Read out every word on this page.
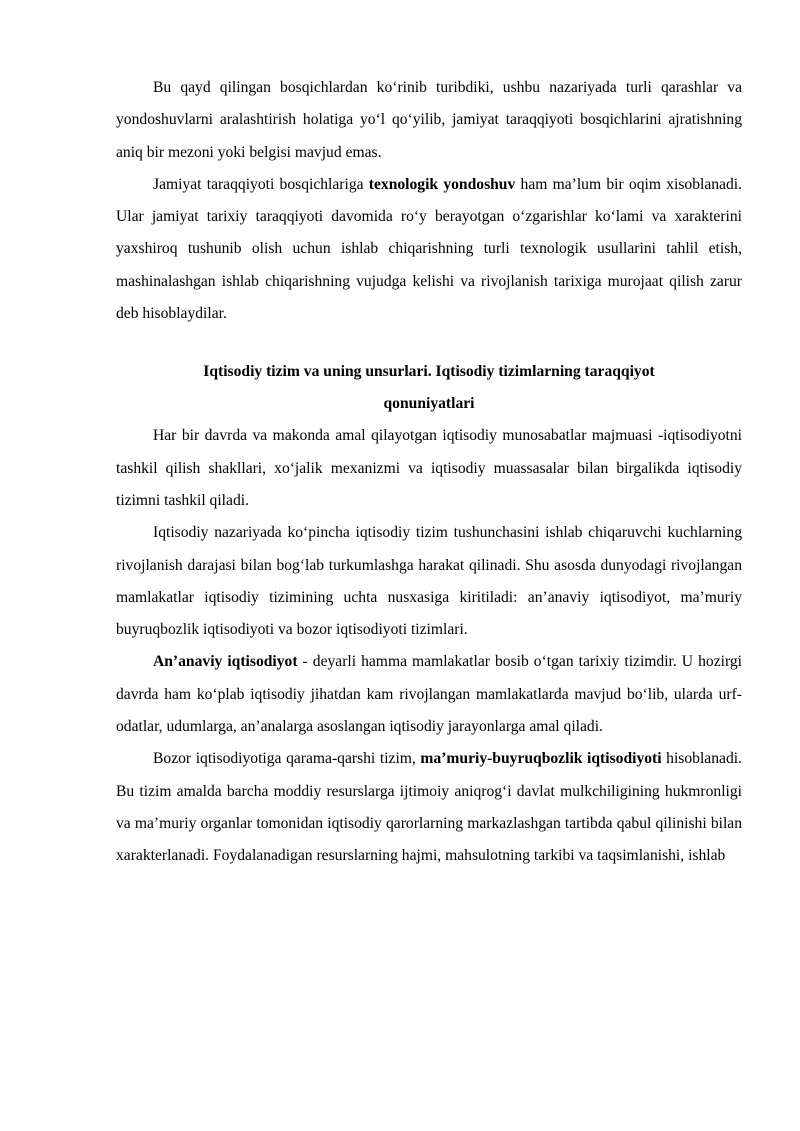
Bu qayd qilingan bosqichlardan ko‘rinib turibdiki, ushbu nazariyada turli qarashlar va yondoshuvlarni aralashtirish holatiga yo‘l qo‘yilib, jamiyat taraqqiyoti bosqichlarini ajratishning aniq bir mezoni yoki belgisi mavjud emas.

Jamiyat taraqqiyoti bosqichlariga texnologik yondoshuv ham ma’lum bir oqim xisoblanadi. Ular jamiyat tarixiy taraqqiyoti davomida ro‘y berayotgan o‘zgarishlar ko‘lami va xarakterini yaxshiroq tushunib olish uchun ishlab chiqarishning turli texnologik usullarini tahlil etish, mashinalashgan ishlab chiqarishning vujudga kelishi va rivojlanish tarixiga murojaat qilish zarur deb hisoblaydilar.

Iqtisodiy tizim va uning unsurlari. Iqtisodiy tizimlarning taraqqiyot
qonuniyatlari

Har bir davrda va makonda amal qilayotgan iqtisodiy munosabatlar majmuasi -iqtisodiyotni tashkil qilish shakllari, xo‘jalik mexanizmi va iqtisodiy muassasalar bilan birgalikda iqtisodiy tizimni tashkil qiladi.

Iqtisodiy nazariyada ko‘pincha iqtisodiy tizim tushunchasini ishlab chiqaruvchi kuchlarning rivojlanish darajasi bilan bog‘lab turkumlashga harakat qilinadi. Shu asosda dunyodagi rivojlangan mamlakatlar iqtisodiy tizimining uchta nusxasiga kiritiladi: an’anaviy iqtisodiyot, ma’muriy buyruqbozlik iqtisodiyoti va bozor iqtisodiyoti tizimlari.

An’anaviy iqtisodiyot - deyarli hamma mamlakatlar bosib o‘tgan tarixiy tizimdir. U hozirgi davrda ham ko‘plab iqtisodiy jihatdan kam rivojlangan mamlakatlarda mavjud bo‘lib, ularda urf-odatlar, udumlarga, an’analarga asoslangan iqtisodiy jarayonlarga amal qiladi.

Bozor iqtisodiyotiga qarama-qarshi tizim, ma’muriy-buyruqbozlik iqtisodiyoti hisoblanadi. Bu tizim amalda barcha moddiy resurslarga ijtimoiy aniqrog‘i davlat mulkchiligining hukmronligi va ma’muriy organlar tomonidan iqtisodiy qarorlarning markazlashgan tartibda qabul qilinishi bilan xarakterlanadi. Foydalanadigan resurslarning hajmi, mahsulotning tarkibi va taqsimlanishi, ishlab
